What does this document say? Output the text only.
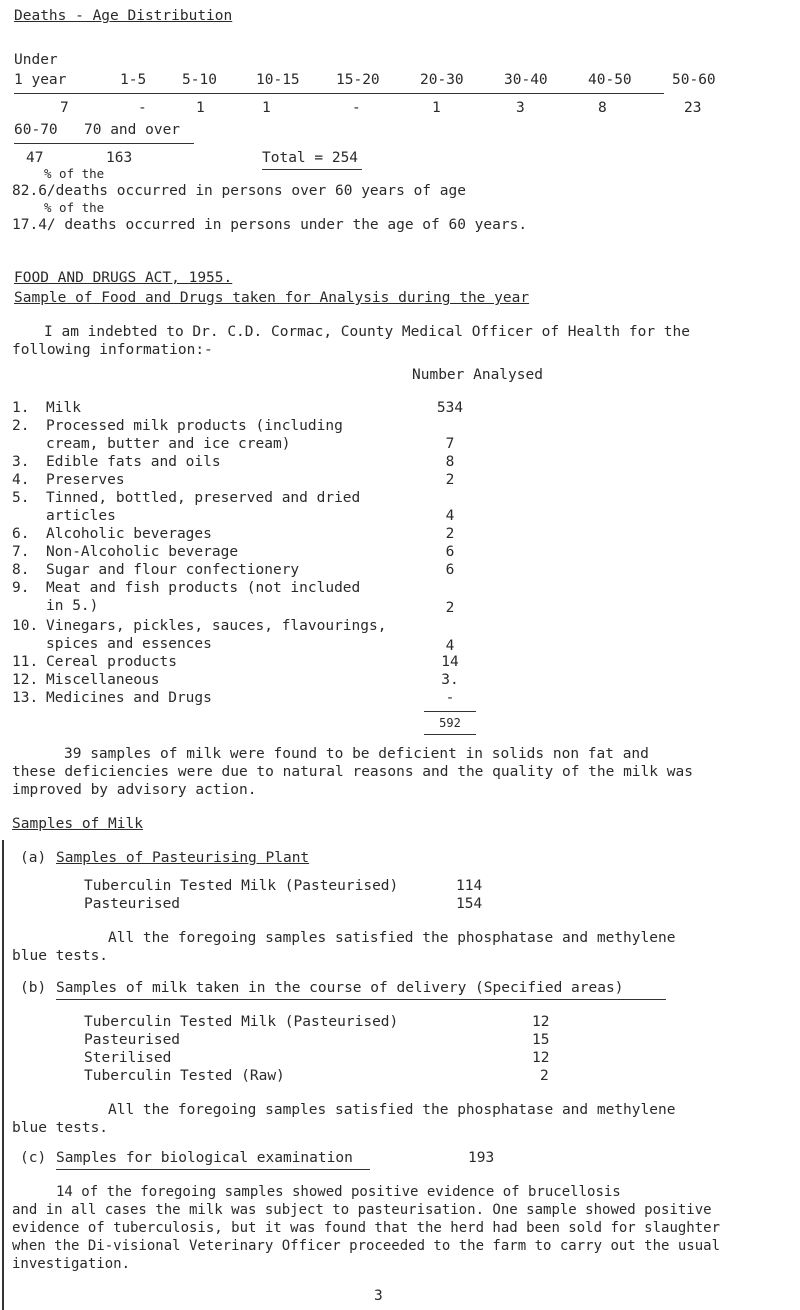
Deaths - Age Distribution
Under
1 year	1-5 5-10	10-15	15-20	20-30	30-40	40-50	50-60
7	-	1	1	-	1	3	8	23
60-70 70 and over
47	163	Total = 254
% of the
82.6/deaths occurred in persons over 60 years of age
% of the
17.4/ deaths occurred in persons under the age of 60 years.
FOOD AND DRUGS ACT, 1955.
Sample of Food and Drugs taken for Analysis during the year
I am indebted to Dr. C.D. Cormac, County Medical Officer of Health for the
following information:-
Number Analysed
1.	Milk	534
2.	Processed milk products (including
cream, butter and ice cream)	7
3.	Edible fats and oils	8
4.	Preserves	2
5.	Tinned, bottled, preserved and dried
articles	4
6.	Alcoholic beverages	2
7.	Non-Alcoholic beverage	6
8.	Sugar and flour confectionery	6
9.	Meat and fish products (not included
in 5.)	2
10. Vinegars, pickles, sauces, flavourings,
spices and essences	4
11. Cereal products	14
12. Miscellaneous	3.
13. Medicines and Drugs	-
592
39 samples of milk were found to be deficient in solids non fat and
these deficiencies were due to natural reasons and the quality of the milk was
improved by advisory action.
Samples of Milk
(a) Samples of Pasteurising Plant
Tuberculin Tested Milk (Pasteurised)	114
Pasteurised	154
All the foregoing samples satisfied the phosphatase and methylene
blue tests.
(b) Samples of milk taken in the course of delivery (Specified areas)
Tuberculin Tested Milk (Pasteurised)	12
Pasteurised	15
Sterilised	12
Tuberculin Tested (Raw)	2
All the foregoing samples satisfied the phosphatase and methylene
blue tests.
(c) Samples for biological examination	193
14 of the foregoing samples showed positive evidence of brucellosis
and in all cases the milk was subject to pasteurisation. One sample showed positive
evidence of tuberculosis, but it was found that the herd had been sold for slaughter
when the Di-visional Veterinary Officer proceeded to the farm to carry out the usual
investigation.
3
